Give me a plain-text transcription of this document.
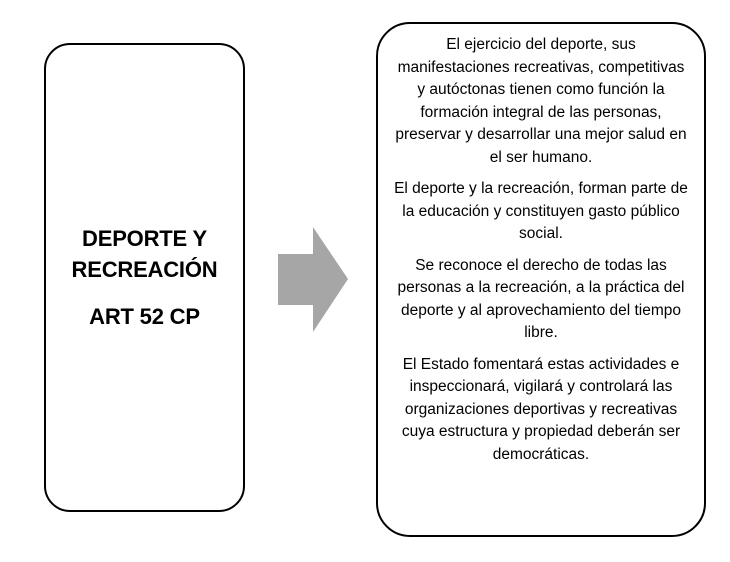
DEPORTE Y
RECREACIÓN
ART 52 CP

El ejercicio del deporte, sus manifestaciones recreativas, competitivas y autóctonas tienen como función la formación integral de las personas, preservar y desarrollar una mejor salud en el ser humano.

El deporte y la recreación, forman parte de la educación y constituyen gasto público social.

Se reconoce el derecho de todas las personas a la recreación, a la práctica del deporte y al aprovechamiento del tiempo libre.

El Estado fomentará estas actividades e inspeccionará, vigilará y controlará las organizaciones deportivas y recreativas cuya estructura y propiedad deberán ser democráticas.
